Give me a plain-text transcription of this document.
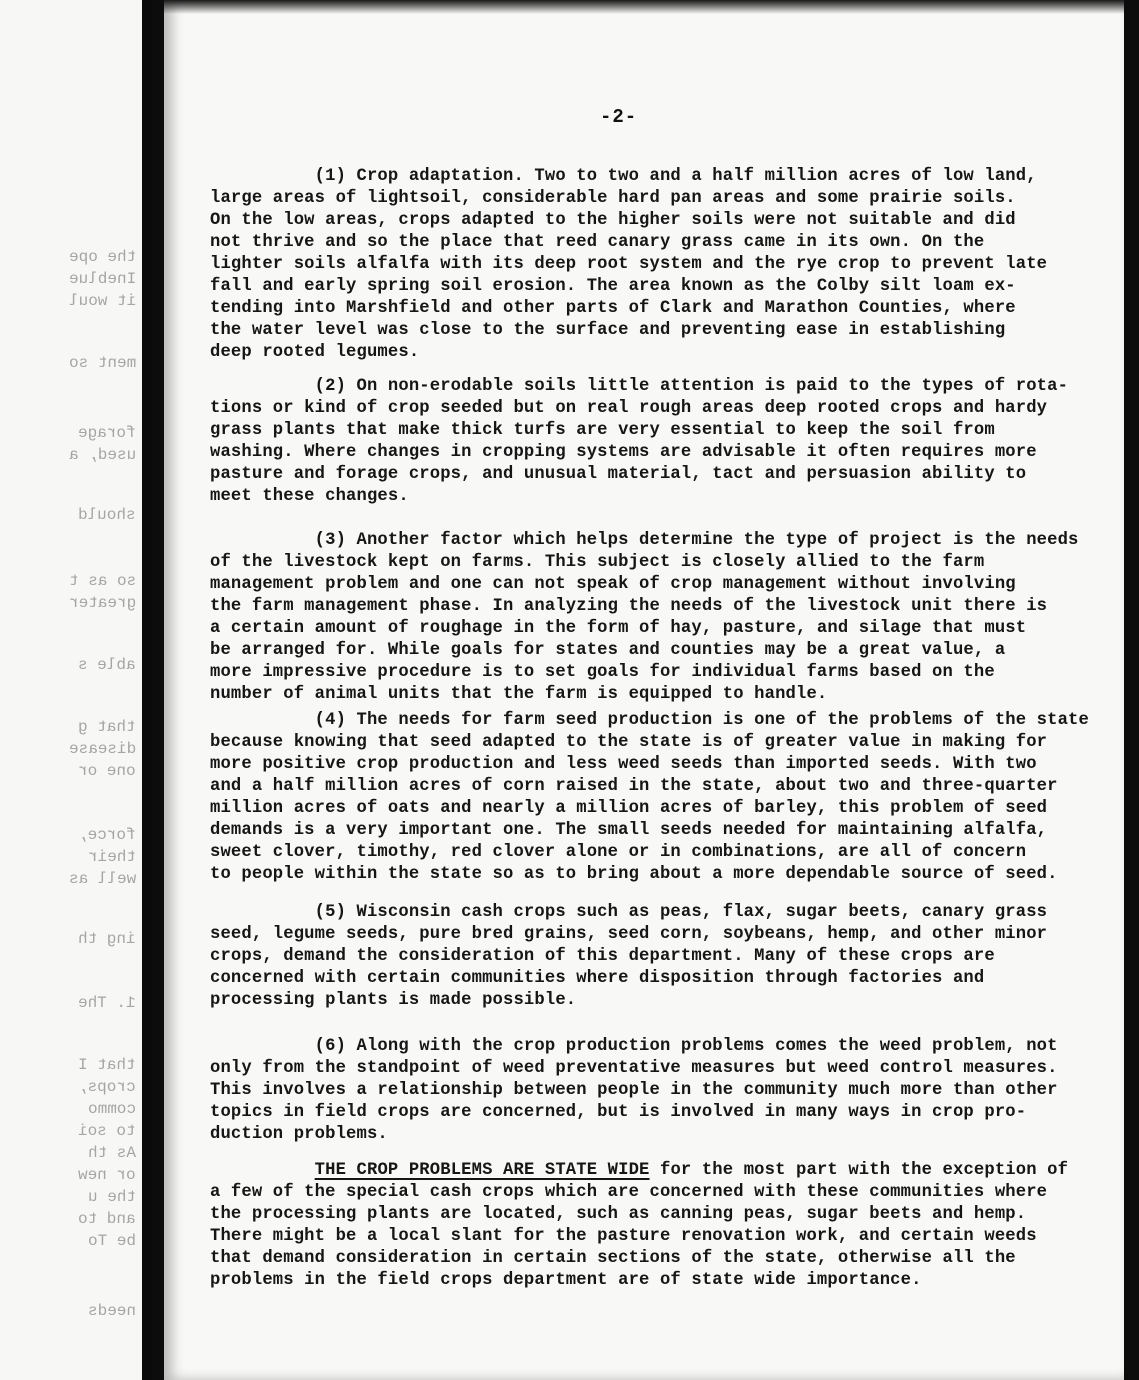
the ope
Ineblue
it woul
ment so
forage
used, a
should
so as t
greater
able s
that g
disease
one or
force,
their
well as
ing th
1. The
that I
crops,
commo
to soi
As th
or new
the u
and to
be To
needs
-2-
(1) Crop adaptation. Two to two and a half million acres of low land,
large areas of lightsoil, considerable hard pan areas and some prairie soils.
On the low areas, crops adapted to the higher soils were not suitable and did
not thrive and so the place that reed canary grass came in its own. On the
lighter soils alfalfa with its deep root system and the rye crop to prevent late
fall and early spring soil erosion. The area known as the Colby silt loam ex-
tending into Marshfield and other parts of Clark and Marathon Counties, where
the water level was close to the surface and preventing ease in establishing
deep rooted legumes.
(2) On non-erodable soils little attention is paid to the types of rota-
tions or kind of crop seeded but on real rough areas deep rooted crops and hardy
grass plants that make thick turfs are very essential to keep the soil from
washing. Where changes in cropping systems are advisable it often requires more
pasture and forage crops, and unusual material, tact and persuasion ability to
meet these changes.
(3) Another factor which helps determine the type of project is the needs
of the livestock kept on farms. This subject is closely allied to the farm
management problem and one can not speak of crop management without involving
the farm management phase. In analyzing the needs of the livestock unit there is
a certain amount of roughage in the form of hay, pasture, and silage that must
be arranged for. While goals for states and counties may be a great value, a
more impressive procedure is to set goals for individual farms based on the
number of animal units that the farm is equipped to handle.
(4) The needs for farm seed production is one of the problems of the state
because knowing that seed adapted to the state is of greater value in making for
more positive crop production and less weed seeds than imported seeds. With two
and a half million acres of corn raised in the state, about two and three-quarter
million acres of oats and nearly a million acres of barley, this problem of seed
demands is a very important one. The small seeds needed for maintaining alfalfa,
sweet clover, timothy, red clover alone or in combinations, are all of concern
to people within the state so as to bring about a more dependable source of seed.
(5) Wisconsin cash crops such as peas, flax, sugar beets, canary grass
seed, legume seeds, pure bred grains, seed corn, soybeans, hemp, and other minor
crops, demand the consideration of this department. Many of these crops are
concerned with certain communities where disposition through factories and
processing plants is made possible.
(6) Along with the crop production problems comes the weed problem, not
only from the standpoint of weed preventative measures but weed control measures.
This involves a relationship between people in the community much more than other
topics in field crops are concerned, but is involved in many ways in crop pro-
duction problems.
THE CROP PROBLEMS ARE STATE WIDE for the most part with the exception of
a few of the special cash crops which are concerned with these communities where
the processing plants are located, such as canning peas, sugar beets and hemp.
There might be a local slant for the pasture renovation work, and certain weeds
that demand consideration in certain sections of the state, otherwise all the
problems in the field crops department are of state wide importance.
